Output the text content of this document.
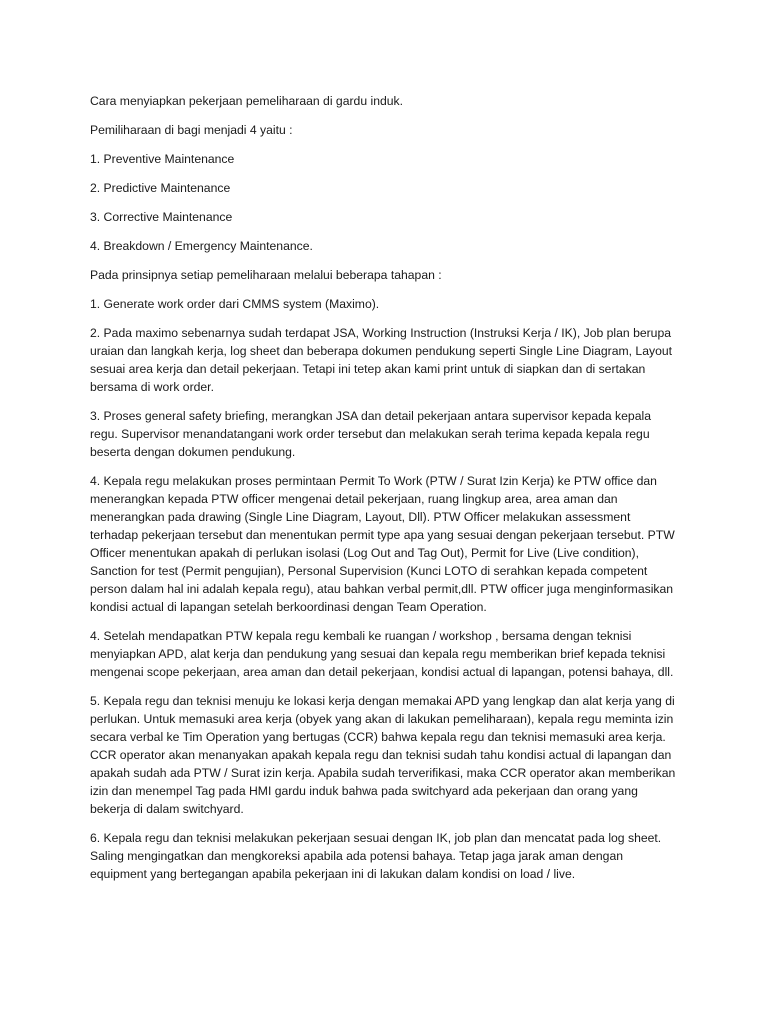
Cara menyiapkan pekerjaan pemeliharaan di gardu induk.

Pemiliharaan di bagi menjadi 4 yaitu :

1. Preventive Maintenance

2. Predictive Maintenance

3. Corrective Maintenance

4. Breakdown / Emergency Maintenance.

Pada prinsipnya setiap pemeliharaan melalui beberapa tahapan :

1. Generate work order dari CMMS system (Maximo).

2. Pada maximo sebenarnya sudah terdapat JSA, Working Instruction (Instruksi Kerja / IK), Job plan berupa uraian dan langkah kerja, log sheet dan beberapa dokumen pendukung seperti Single Line Diagram, Layout sesuai area kerja dan detail pekerjaan. Tetapi ini tetep akan kami print untuk di siapkan dan di sertakan bersama di work order.

3. Proses general safety briefing, merangkan JSA dan detail pekerjaan antara supervisor kepada kepala regu. Supervisor menandatangani work order tersebut dan melakukan serah terima kepada kepala regu beserta dengan dokumen pendukung.

4. Kepala regu melakukan proses permintaan Permit To Work (PTW / Surat Izin Kerja) ke PTW office dan menerangkan kepada PTW officer mengenai detail pekerjaan, ruang lingkup area, area aman dan menerangkan pada drawing (Single Line Diagram, Layout, Dll). PTW Officer melakukan assessment terhadap pekerjaan tersebut dan menentukan permit type apa yang sesuai dengan pekerjaan tersebut. PTW Officer menentukan apakah di perlukan isolasi (Log Out and Tag Out), Permit for Live (Live condition), Sanction for test (Permit pengujian), Personal Supervision (Kunci LOTO di serahkan kepada competent person dalam hal ini adalah kepala regu), atau bahkan verbal permit,dll. PTW officer juga menginformasikan kondisi actual di lapangan setelah berkoordinasi dengan Team Operation.

4. Setelah mendapatkan PTW kepala regu kembali ke ruangan / workshop , bersama dengan teknisi menyiapkan APD, alat kerja dan pendukung yang sesuai dan kepala regu memberikan brief kepada teknisi mengenai scope pekerjaan, area aman dan detail pekerjaan, kondisi actual di lapangan, potensi bahaya, dll.

5. Kepala regu dan teknisi menuju ke lokasi kerja dengan memakai APD yang lengkap dan alat kerja yang di perlukan. Untuk memasuki area kerja (obyek yang akan di lakukan pemeliharaan), kepala regu meminta izin secara verbal ke Tim Operation yang bertugas (CCR) bahwa kepala regu dan teknisi memasuki area kerja. CCR operator akan menanyakan apakah kepala regu dan teknisi sudah tahu kondisi actual di lapangan dan apakah sudah ada PTW / Surat izin kerja. Apabila sudah terverifikasi, maka CCR operator akan memberikan izin dan menempel Tag pada HMI gardu induk bahwa pada switchyard ada pekerjaan dan orang yang bekerja di dalam switchyard.

6. Kepala regu dan teknisi melakukan pekerjaan sesuai dengan IK, job plan dan mencatat pada log sheet. Saling mengingatkan dan mengkoreksi apabila ada potensi bahaya. Tetap jaga jarak aman dengan equipment yang bertegangan apabila pekerjaan ini di lakukan dalam kondisi on load / live.
